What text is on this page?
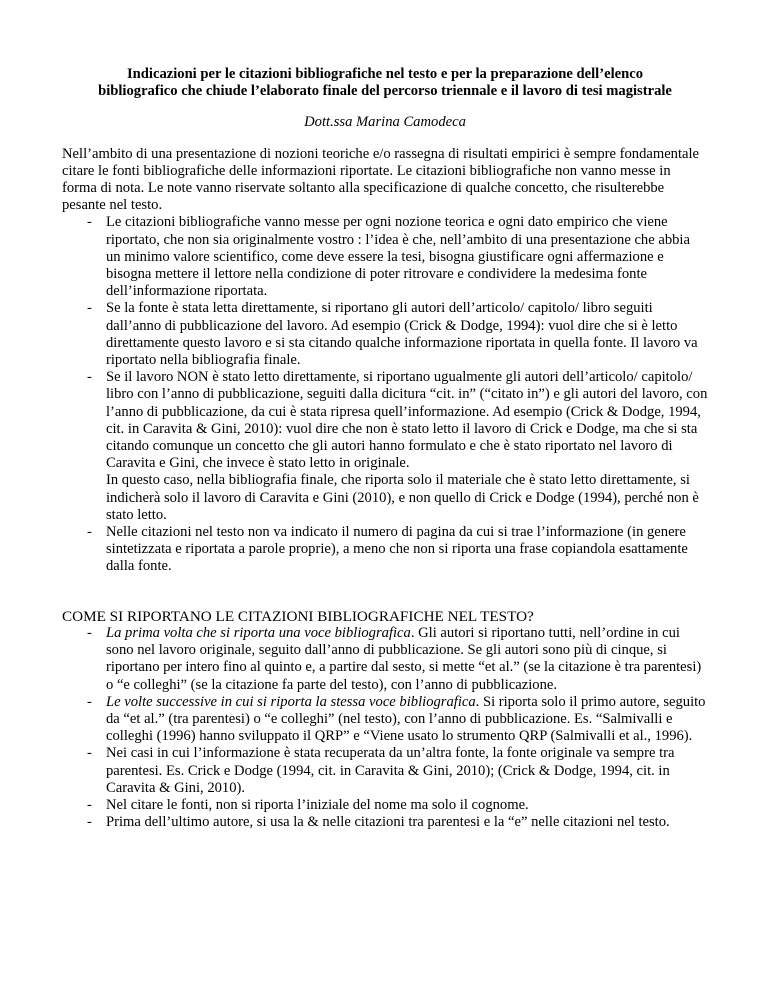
Indicazioni per le citazioni bibliografiche nel testo e per la preparazione dell’elenco
bibliografico che chiude l’elaborato finale del percorso triennale e il lavoro di tesi magistrale

Dott.ssa Marina Camodeca

Nell’ambito di una presentazione di nozioni teoriche e/o rassegna di risultati empirici è sempre fondamentale citare le fonti bibliografiche delle informazioni riportate. Le citazioni bibliografiche non vanno messe in forma di nota. Le note vanno riservate soltanto alla specificazione di qualche concetto, che risulterebbe pesante nel testo.

- Le citazioni bibliografiche vanno messe per ogni nozione teorica e ogni dato empirico che viene riportato, che non sia originalmente vostro : l’idea è che, nell’ambito di una presentazione che abbia un minimo valore scientifico, come deve essere la tesi, bisogna giustificare ogni affermazione e bisogna mettere il lettore nella condizione di poter ritrovare e condividere la medesima fonte dell’informazione riportata.
- Se la fonte è stata letta direttamente, si riportano gli autori dell’articolo/ capitolo/ libro seguiti dall’anno di pubblicazione del lavoro. Ad esempio (Crick & Dodge, 1994): vuol dire che si è letto direttamente questo lavoro e si sta citando qualche informazione riportata in quella fonte. Il lavoro va riportato nella bibliografia finale.
- Se il lavoro NON è stato letto direttamente, si riportano ugualmente gli autori dell’articolo/ capitolo/ libro con l’anno di pubblicazione, seguiti dalla dicitura “cit. in” (“citato in”) e gli autori del lavoro, con l’anno di pubblicazione, da cui è stata ripresa quell’informazione. Ad esempio (Crick & Dodge, 1994, cit. in Caravita & Gini, 2010): vuol dire che non è stato letto il lavoro di Crick e Dodge, ma che si sta citando comunque un concetto che gli autori hanno formulato e che è stato riportato nel lavoro di Caravita e Gini, che invece è stato letto in originale.
In questo caso, nella bibliografia finale, che riporta solo il materiale che è stato letto direttamente, si indicherà solo il lavoro di Caravita e Gini (2010), e non quello di Crick e Dodge (1994), perché non è stato letto.
- Nelle citazioni nel testo non va indicato il numero di pagina da cui si trae l’informazione (in genere sintetizzata e riportata a parole proprie), a meno che non si riporta una frase copiandola esattamente dalla fonte.

COME SI RIPORTANO LE CITAZIONI BIBLIOGRAFICHE NEL TESTO?

- La prima volta che si riporta una voce bibliografica. Gli autori si riportano tutti, nell’ordine in cui sono nel lavoro originale, seguito dall’anno di pubblicazione. Se gli autori sono più di cinque, si riportano per intero fino al quinto e, a partire dal sesto, si mette “et al.” (se la citazione è tra parentesi) o “e colleghi” (se la citazione fa parte del testo), con l’anno di pubblicazione.
- Le volte successive in cui si riporta la stessa voce bibliografica. Si riporta solo il primo autore, seguito da “et al.” (tra parentesi) o “e colleghi” (nel testo), con l’anno di pubblicazione. Es. “Salmivalli e colleghi (1996) hanno sviluppato il QRP” e “Viene usato lo strumento QRP (Salmivalli et al., 1996).
- Nei casi in cui l’informazione è stata recuperata da un’altra fonte, la fonte originale va sempre tra parentesi. Es. Crick e Dodge (1994, cit. in Caravita & Gini, 2010); (Crick & Dodge, 1994, cit. in Caravita & Gini, 2010).
- Nel citare le fonti, non si riporta l’iniziale del nome ma solo il cognome.
- Prima dell’ultimo autore, si usa la & nelle citazioni tra parentesi e la “e” nelle citazioni nel testo.
